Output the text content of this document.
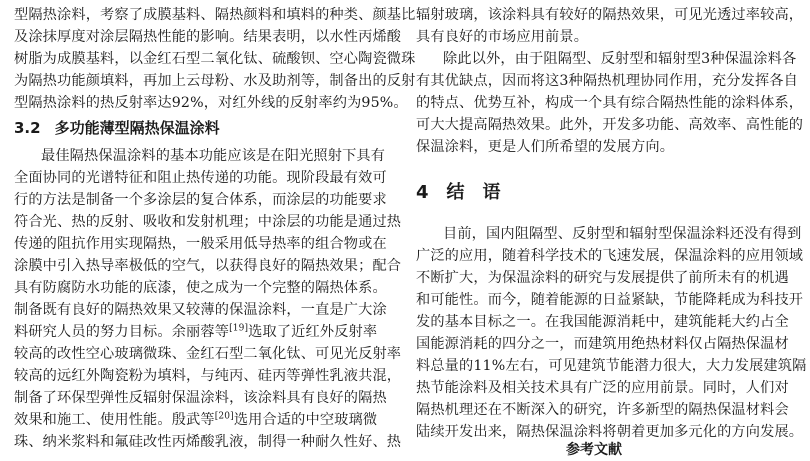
型隔热涂料，考察了成膜基料、隔热颜料和填料的种类、颜基比
及涂抹厚度对涂层隔热性能的影响。结果表明，以水性丙烯酸
树脂为成膜基料，以金红石型二氧化钛、硫酸钡、空心陶瓷微珠
为隔热功能颜填料，再加上云母粉、水及助剂等，制备出的反射
型隔热涂料的热反射率达92%，对红外线的反射率约为95%。
3.2 多功能薄型隔热保温涂料
最佳隔热保温涂料的基本功能应该是在阳光照射下具有
全面协同的光谱特征和阻止热传递的功能。现阶段最有效可
行的方法是制备一个多涂层的复合体系，而涂层的功能要求
符合光、热的反射、吸收和发射机理；中涂层的功能是通过热
传递的阻抗作用实现隔热，一般采用低导热率的组合物或在
涂膜中引入热导率极低的空气，以获得良好的隔热效果；配合
具有防腐防水功能的底漆，使之成为一个完整的隔热体系。
制备既有良好的隔热效果又较薄的保温涂料，一直是广大涂
料研究人员的努力目标。余丽蓉等[19]选取了近红外反射率
较高的改性空心玻璃微珠、金红石型二氧化钛、可见光反射率
较高的远红外陶瓷粉为填料，与纯丙、硅丙等弹性乳液共混，
制备了环保型弹性反辐射保温涂料，该涂料具有良好的隔热
效果和施工、使用性能。殷武等[20]选用合适的中空玻璃微
珠、纳米浆料和氟硅改性丙烯酸乳液，制得一种耐久性好、热
辐射玻璃，该涂料具有较好的隔热效果，可见光透过率较高，
具有良好的市场应用前景。
除此以外，由于阻隔型、反射型和辐射型3种保温涂料各
有其优缺点，因而将这3种隔热机理协同作用，充分发挥各自
的特点、优势互补，构成一个具有综合隔热性能的涂料体系，
可大大提高隔热效果。此外，开发多功能、高效率、高性能的
保温涂料，更是人们所希望的发展方向。
4 结 语
目前，国内阻隔型、反射型和辐射型保温涂料还没有得到
广泛的应用，随着科学技术的飞速发展，保温涂料的应用领域
不断扩大，为保温涂料的研究与发展提供了前所未有的机遇
和可能性。而今，随着能源的日益紧缺，节能降耗成为科技开
发的基本目标之一。在我国能源消耗中，建筑能耗大约占全
国能源消耗的四分之一，而建筑用绝热材料仅占隔热保温材
料总量的11%左右，可见建筑节能潜力很大，大力发展建筑隔
热节能涂料及相关技术具有广泛的应用前景。同时，人们对
隔热机理还在不断深入的研究，许多新型的隔热保温材料会
陆续开发出来，隔热保温涂料将朝着更加多元化的方向发展。
参考文献
